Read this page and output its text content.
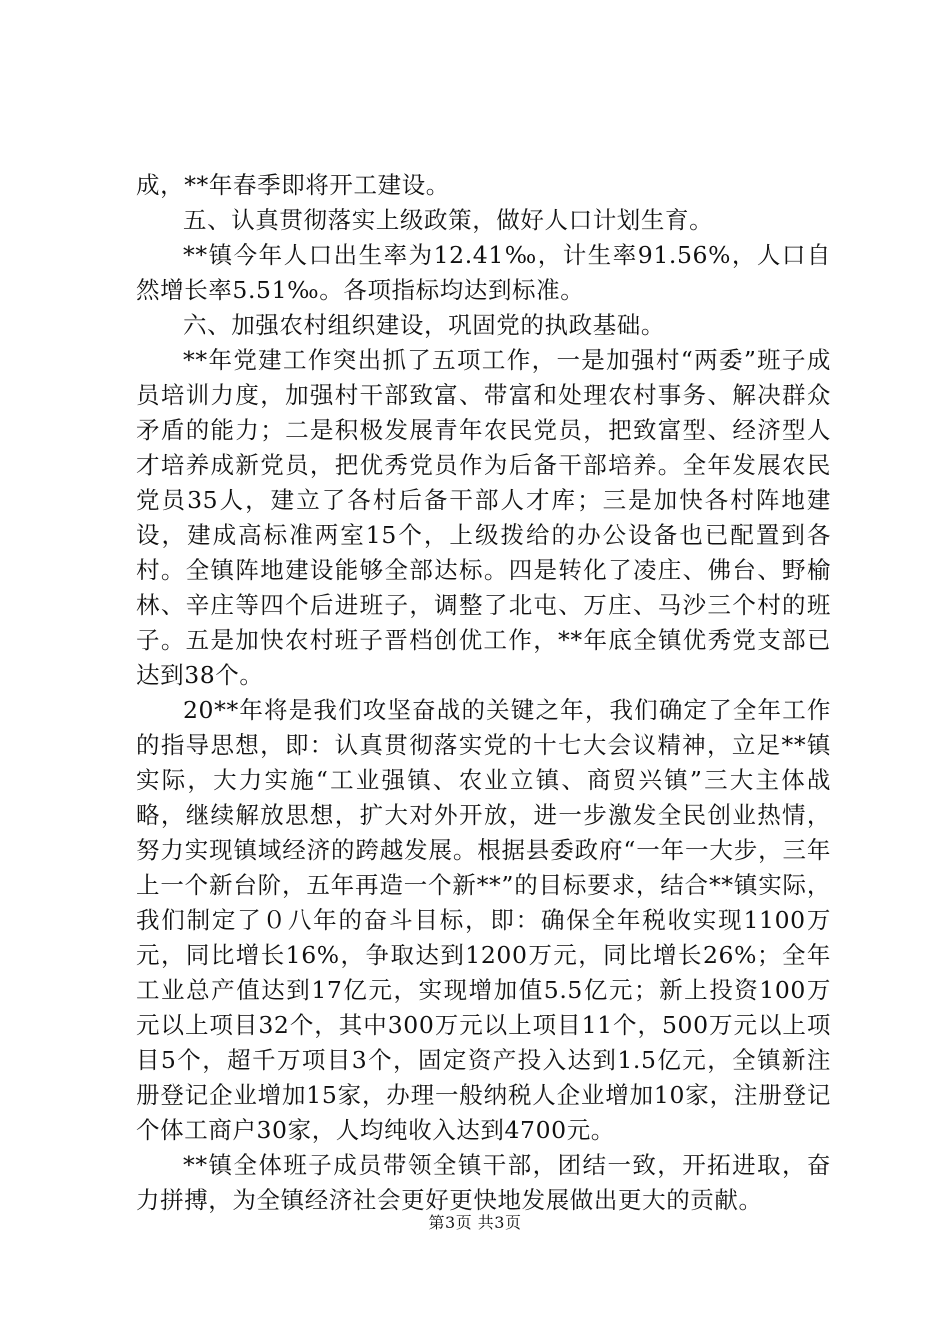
成，**年春季即将开工建设。

五、认真贯彻落实上级政策，做好人口计划生育。

**镇今年人口出生率为12.41‰，计生率91.56%，人口自然增长率5.51‰。各项指标均达到标准。

六、加强农村组织建设，巩固党的执政基础。

**年党建工作突出抓了五项工作，一是加强村“两委”班子成员培训力度，加强村干部致富、带富和处理农村事务、解决群众矛盾的能力；二是积极发展青年农民党员，把致富型、经济型人才培养成新党员，把优秀党员作为后备干部培养。全年发展农民党员35人，建立了各村后备干部人才库；三是加快各村阵地建设，建成高标准两室15个，上级拨给的办公设备也已配置到各村。全镇阵地建设能够全部达标。四是转化了凌庄、佛台、野榆林、辛庄等四个后进班子，调整了北屯、万庄、马沙三个村的班子。五是加快农村班子晋档创优工作，**年底全镇优秀党支部已达到38个。

20**年将是我们攻坚奋战的关键之年，我们确定了全年工作的指导思想，即：认真贯彻落实党的十七大会议精神，立足**镇实际，大力实施“工业强镇、农业立镇、商贸兴镇”三大主体战略，继续解放思想，扩大对外开放，进一步激发全民创业热情，努力实现镇域经济的跨越发展。根据县委政府“一年一大步，三年上一个新台阶，五年再造一个新**”的目标要求，结合**镇实际，我们制定了０八年的奋斗目标，即：确保全年税收实现1100万元，同比增长16%，争取达到1200万元，同比增长26%；全年工业总产值达到17亿元，实现增加值5.5亿元；新上投资100万元以上项目32个，其中300万元以上项目11个，500万元以上项目5个，超千万项目3个，固定资产投入达到1.5亿元，全镇新注册登记企业增加15家，办理一般纳税人企业增加10家，注册登记个体工商户30家，人均纯收入达到4700元。

**镇全体班子成员带领全镇干部，团结一致，开拓进取，奋力拼搏，为全镇经济社会更好更快地发展做出更大的贡献。

第3页 共3页
